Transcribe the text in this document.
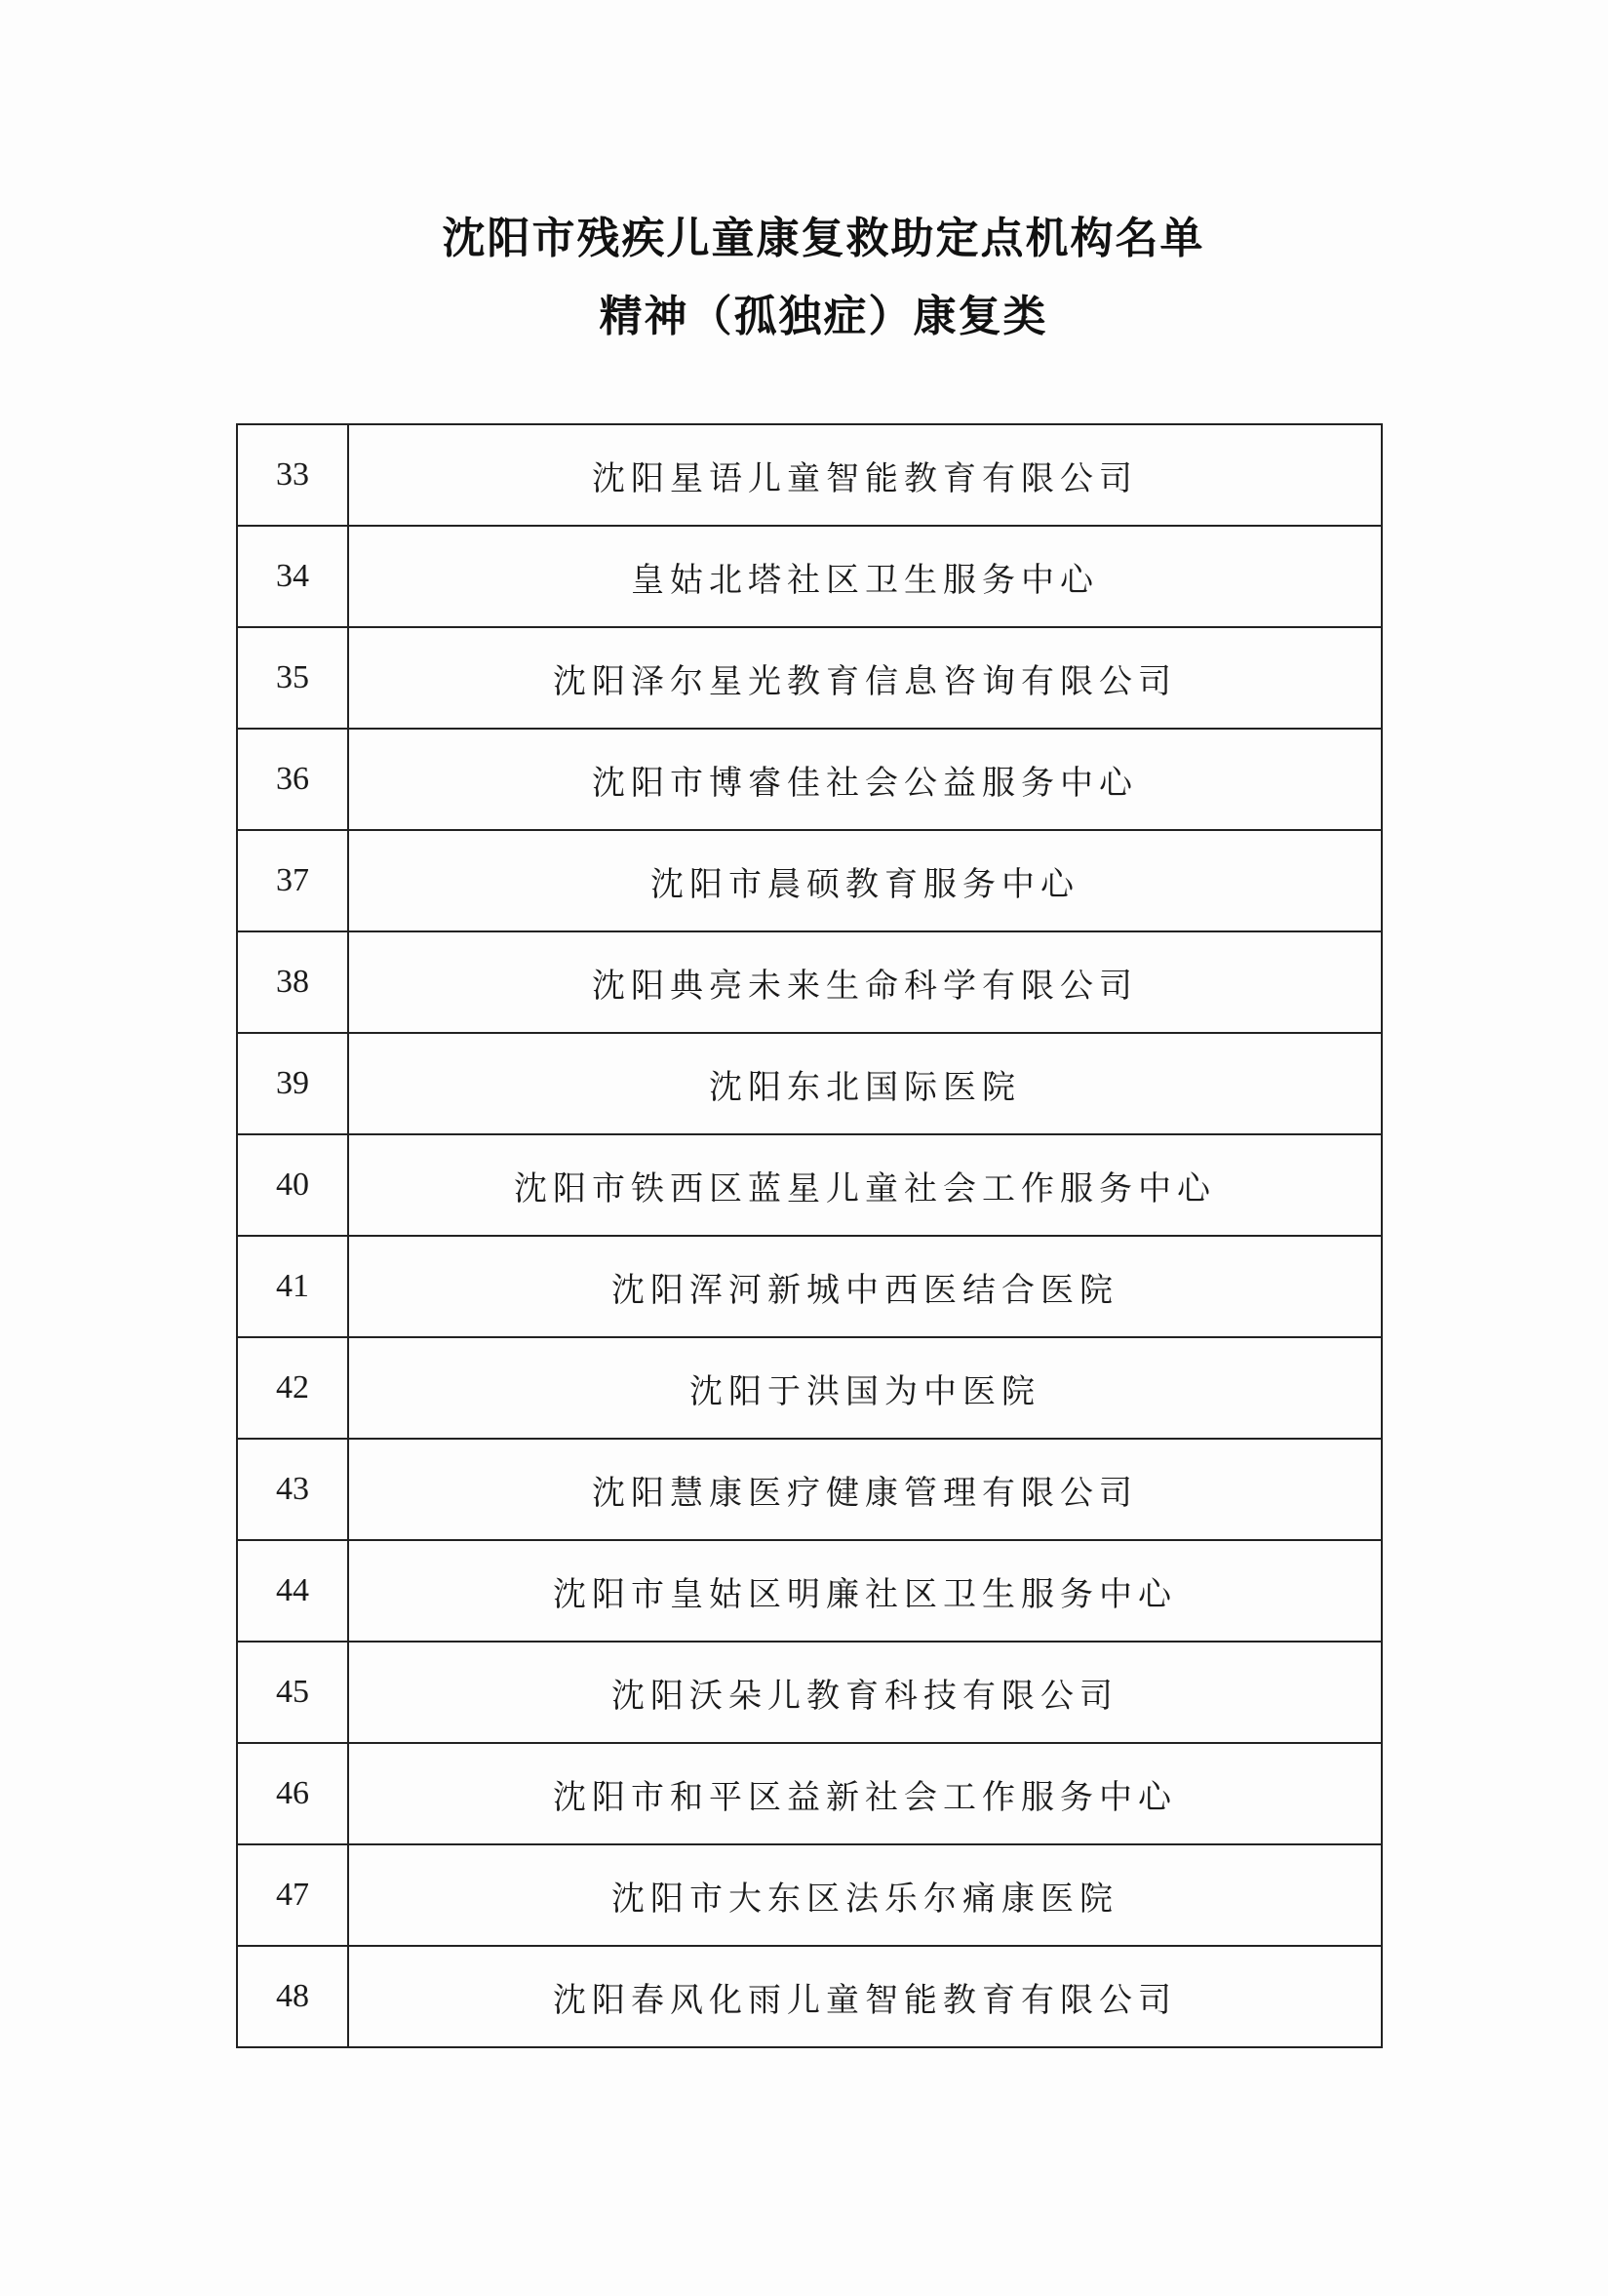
沈阳市残疾儿童康复救助定点机构名单
精神（孤独症）康复类
33	沈阳星语儿童智能教育有限公司
34	皇姑北塔社区卫生服务中心
35	沈阳泽尔星光教育信息咨询有限公司
36	沈阳市博睿佳社会公益服务中心
37	沈阳市晨硕教育服务中心
38	沈阳典亮未来生命科学有限公司
39	沈阳东北国际医院
40	沈阳市铁西区蓝星儿童社会工作服务中心
41	沈阳浑河新城中西医结合医院
42	沈阳于洪国为中医院
43	沈阳慧康医疗健康管理有限公司
44	沈阳市皇姑区明廉社区卫生服务中心
45	沈阳沃朵儿教育科技有限公司
46	沈阳市和平区益新社会工作服务中心
47	沈阳市大东区法乐尔痛康医院
48	沈阳春风化雨儿童智能教育有限公司
